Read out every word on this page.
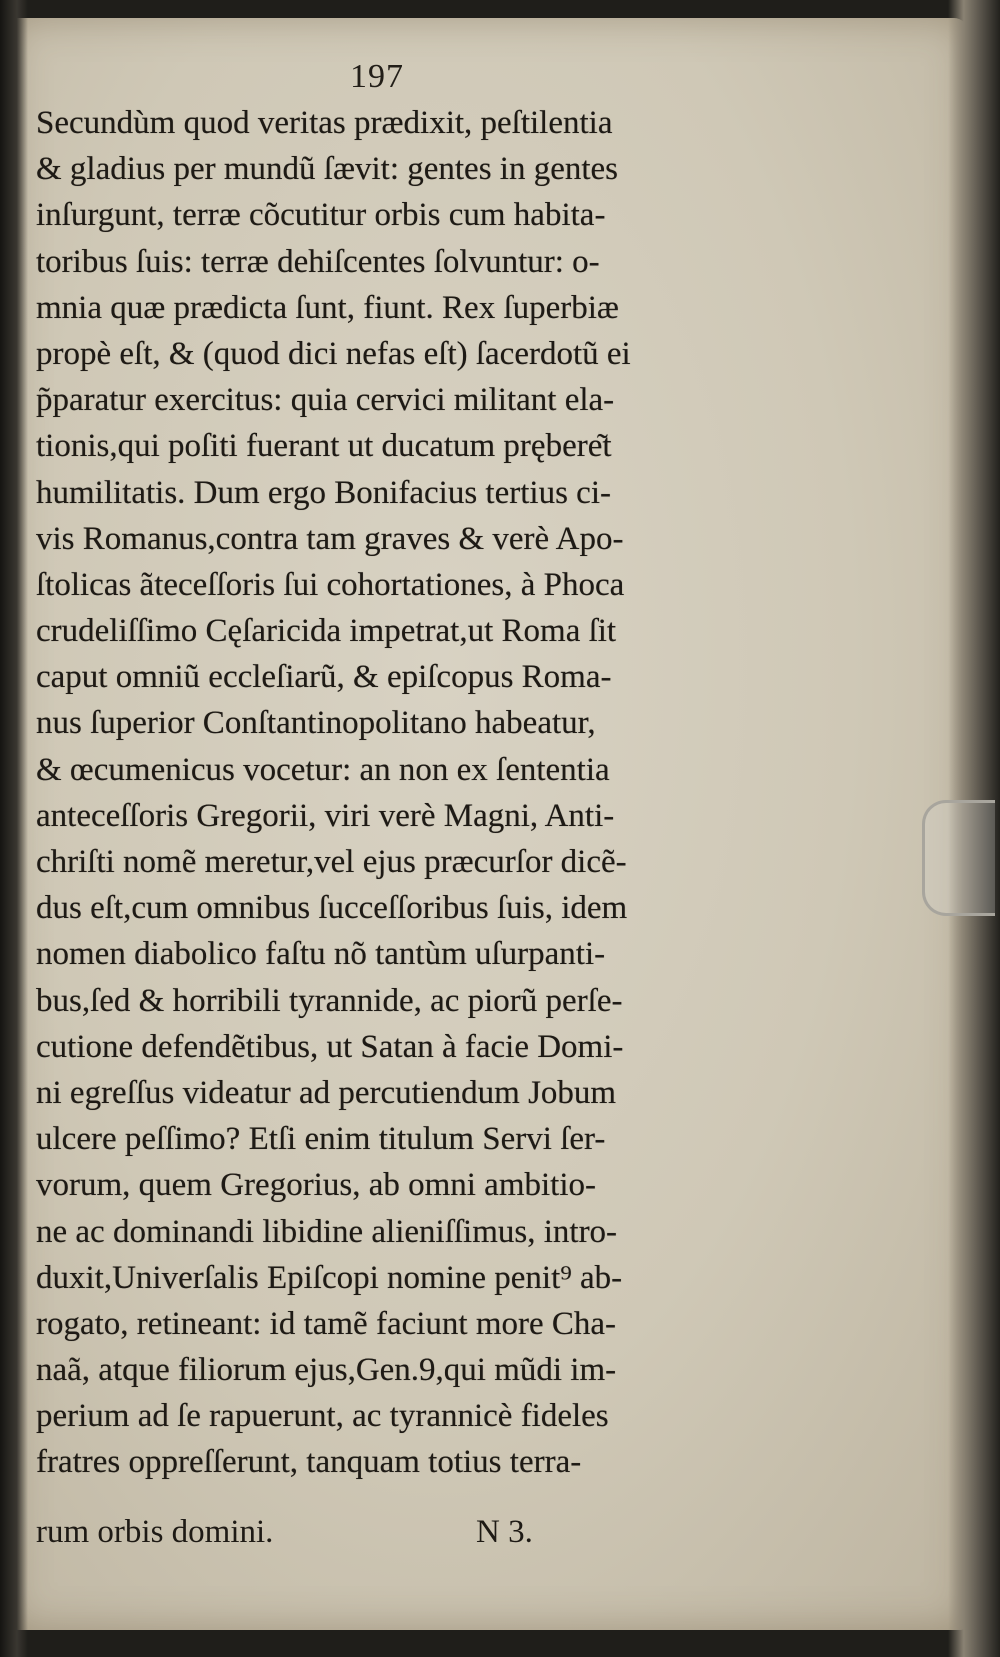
197
Secundùm quod veritas prædixit, peſtilentia
& gladius per mundũ ſævit: gentes in gentes
inſurgunt, terræ cõcutitur orbis cum habita-
toribus ſuis: terræ dehiſcentes ſolvuntur: o-
mnia quæ prædicta ſunt, fiunt. Rex ſuperbiæ
propè eſt, & (quod dici nefas eſt) ſacerdotũ ei
p̃paratur exercitus: quia cervici militant ela-
tionis,qui poſiti fuerant ut ducatum prębere͂t
humilitatis. Dum ergo Bonifacius tertius ci-
vis Romanus,contra tam graves & verè Apo-
ſtolicas ãteceſſoris ſui cohortationes, à Phoca
crudeliſſimo Cęſaricida impetrat,ut Roma ſit
caput omniũ eccleſiarũ, & epiſcopus Roma-
nus ſuperior Conſtantinopolitano habeatur,
& œcumenicus vocetur: an non ex ſententia
anteceſſoris Gregorii, viri verè Magni, Anti-
chriſti nomẽ meretur,vel ejus præcurſor dicẽ-
dus eſt,cum omnibus ſucceſſoribus ſuis, idem
nomen diabolico faſtu nõ tantùm uſurpanti-
bus,ſed & horribili tyrannide, ac piorũ perſe-
cutione defendẽtibus, ut Satan à facie Domi-
ni egreſſus videatur ad percutiendum Jobum
ulcere peſſimo? Etſi enim titulum Servi ſer-
vorum, quem Gregorius, ab omni ambitio-
ne ac dominandi libidine alieniſſimus, intro-
duxit,Univerſalis Epiſcopi nomine penit⁹ ab-
rogato, retineant: id tamẽ faciunt more Cha-
naã, atque filiorum ejus,Gen.9,qui mũdi im-
perium ad ſe rapuerunt, ac tyrannicè fideles
fratres oppreſſerunt, tanquam totius terra-
rum orbis domini.	N 3.
